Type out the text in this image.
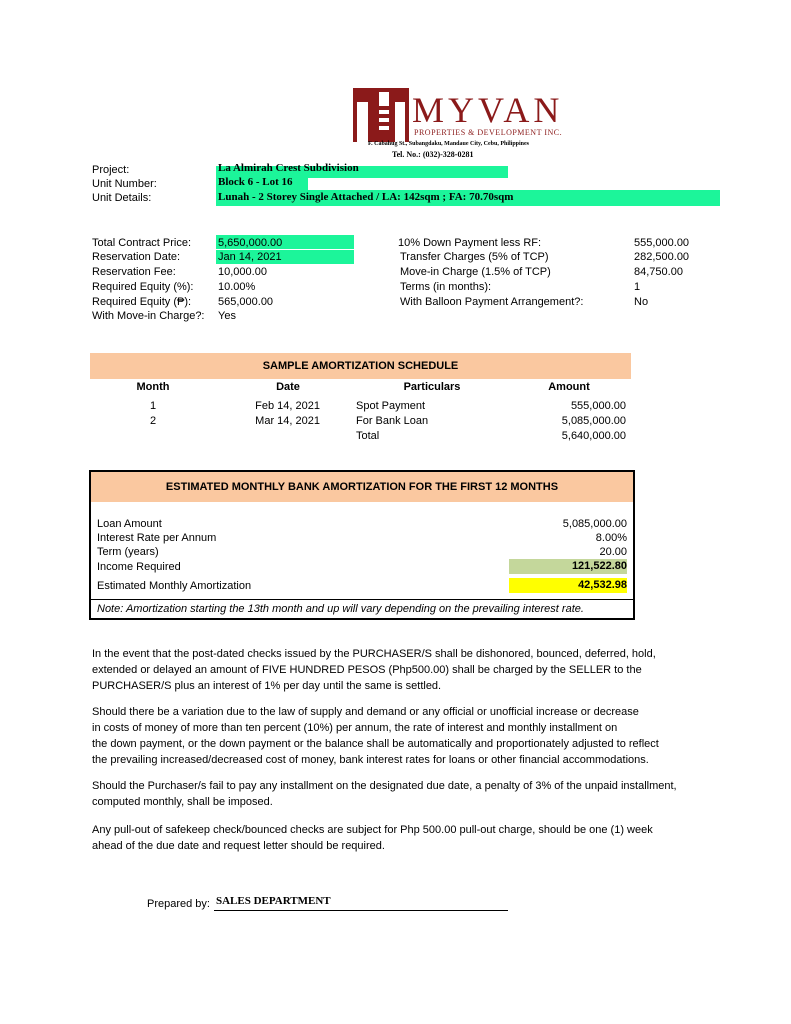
MYVAN
PROPERTIES & DEVELOPMENT INC.
F. Cabahug St., Subangdaku, Mandaue City, Cebu, Philippines
Tel. No.: (032)-328-0281
Project:	La Almirah Crest Subdivision
Unit Number:	Block 6 - Lot 16
Unit Details:	Lunah - 2 Storey Single Attached / LA: 142sqm ; FA: 70.70sqm
Total Contract Price: 5,650,000.00
Reservation Date:	Jan 14, 2021
Reservation Fee:	10,000.00
Required Equity (%): 10.00%
Required Equity (₱): 565,000.00
With Move-in Charge?: Yes
10% Down Payment less RF:	555,000.00
Transfer Charges (5% of TCP)	282,500.00
Move-in Charge (1.5% of TCP)	84,750.00
Terms (in months):	1
With Balloon Payment Arrangement?:	No
SAMPLE AMORTIZATION SCHEDULE
Month	Date	Particulars	Amount
1	Feb 14, 2021	Spot Payment	555,000.00
2	Mar 14, 2021	For Bank Loan	5,085,000.00
Total	5,640,000.00
ESTIMATED MONTHLY BANK AMORTIZATION FOR THE FIRST 12 MONTHS
Loan Amount	5,085,000.00
Interest Rate per Annum	8.00%
Term (years)	20.00
Income Required	121,522.80
Estimated Monthly Amortization	42,532.98
Note: Amortization starting the 13th month and up will vary depending on the prevailing interest rate.
In the event that the post-dated checks issued by the PURCHASER/S shall be dishonored, bounced, deferred, hold,
extended or delayed an amount of FIVE HUNDRED PESOS (Php500.00) shall be charged by the SELLER to the
PURCHASER/S plus an interest of 1% per day until the same is settled.
Should there be a variation due to the law of supply and demand or any official or unofficial increase or decrease
in costs of money of more than ten percent (10%) per annum, the rate of interest and monthly installment on
the down payment, or the down payment or the balance shall be automatically and proportionately adjusted to reflect
the prevailing increased/decreased cost of money, bank interest rates for loans or other financial accommodations.
Should the Purchaser/s fail to pay any installment on the designated due date, a penalty of 3% of the unpaid installment,
computed monthly, shall be imposed.
Any pull-out of safekeep check/bounced checks are subject for Php 500.00 pull-out charge, should be one (1) week
ahead of the due date and request letter should be required.
Prepared by: SALES DEPARTMENT
